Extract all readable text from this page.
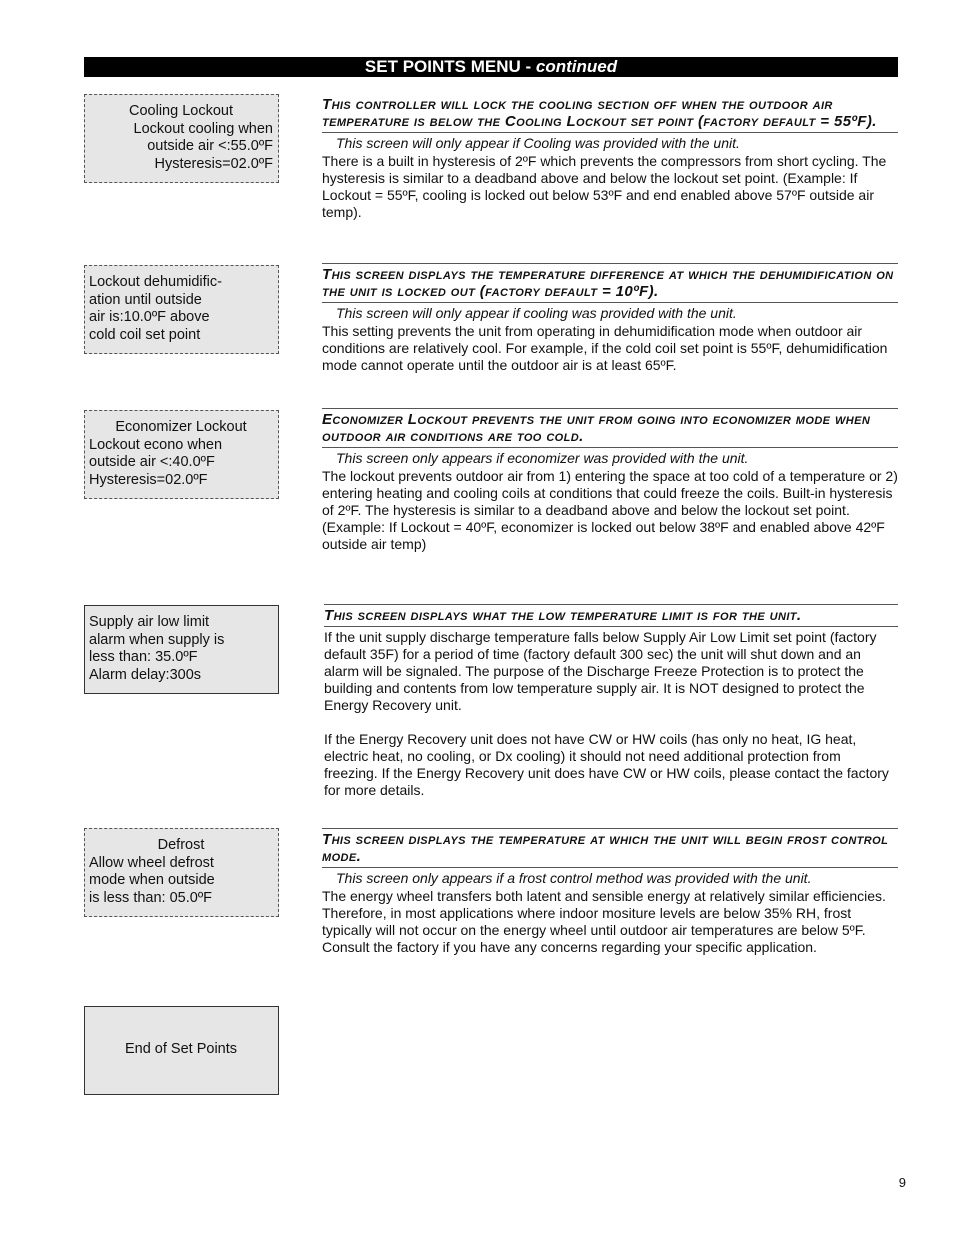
SET POINTS MENU - continued
Cooling Lockout
Lockout cooling when
outside air <:55.0ºF
Hysteresis=02.0ºF
This controller will lock the cooling section off when the outdoor air temperature is below the Cooling Lockout set point (factory default = 55ºF).
This screen will only appear if Cooling was provided with the unit.

There is a built in hysteresis of 2ºF which prevents the compressors from short cycling. The hysteresis is similar to a deadband above and below the lockout set point. (Example: If Lockout = 55ºF, cooling is locked out below 53ºF and end enabled above 57ºF outside air temp).

Lockout dehumidific-
ation until outside
air is:10.0ºF above
cold coil set point
This screen displays the temperature difference at which the dehumidification on the unit is locked out (factory default = 10ºF).
This screen will only appear if cooling was provided with the unit.

This setting prevents the unit from operating in dehumidification mode when outdoor air conditions are relatively cool. For example, if the cold coil set point is 55ºF, dehumidification mode cannot operate until the outdoor air is at least 65ºF.

Economizer Lockout
Lockout econo when
outside air <:40.0ºF
Hysteresis=02.0ºF
Economizer Lockout prevents the unit from going into economizer mode when outdoor air conditions are too cold.
This screen only appears if economizer was provided with the unit.

The lockout prevents outdoor air from 1) entering the space at too cold of a temperature or 2) entering heating and cooling coils at conditions that could freeze the coils. Built-in hysteresis of 2ºF. The hysteresis is similar to a deadband above and below the lockout set point.

(Example: If Lockout = 40ºF, economizer is locked out below 38ºF and enabled above 42ºF outside air temp)

Supply air low limit
alarm when supply is
less than: 35.0ºF
Alarm delay:300s
This screen displays what the low temperature limit is for the unit.

If the unit supply discharge temperature falls below Supply Air Low Limit set point (factory default 35F) for a period of time (factory default 300 sec) the unit will shut down and an alarm will be signaled. The purpose of the Discharge Freeze Protection is to protect the building and contents from low temperature supply air. It is NOT designed to protect the Energy Recovery unit.

If the Energy Recovery unit does not have CW or HW coils (has only no heat, IG heat, electric heat, no cooling, or Dx cooling) it should not need additional protection from freezing. If the Energy Recovery unit does have CW or HW coils, please contact the factory for more details.

Defrost
Allow wheel defrost
mode when outside
is less than: 05.0ºF
This screen displays the temperature at which the unit will begin frost control mode.
This screen only appears if a frost control method was provided with the unit.

The energy wheel transfers both latent and sensible energy at relatively similar efficiencies. Therefore, in most applications where indoor mositure levels are below 35% RH, frost typically will not occur on the energy wheel until outdoor air temperatures are below 5ºF. Consult the factory if you have any concerns regarding your specific application.

End of Set Points
9
